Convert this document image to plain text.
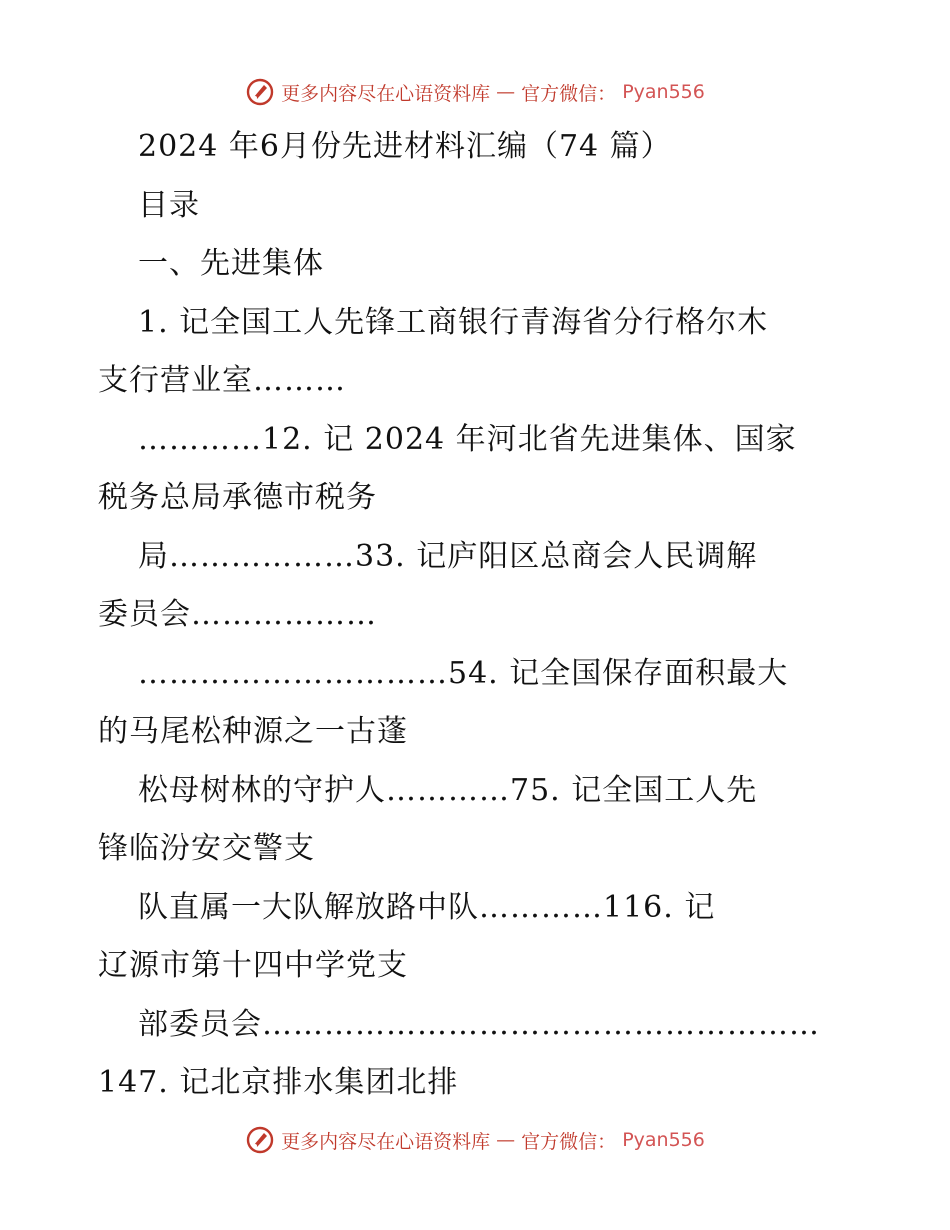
更多内容尽在心语资料库 — 官方微信： Pyan556
2024 年6月份先进材料汇编（74 篇）
目录
一、先进集体
1. 记全国工人先锋工商银行青海省分行格尔木
支行营业室………
…………12. 记 2024 年河北省先进集体、国家
税务总局承德市税务
局………………33. 记庐阳区总商会人民调解
委员会………………
…………………………54. 记全国保存面积最大
的马尾松种源之一古蓬
松母树林的守护人…………75. 记全国工人先
锋临汾安交警支
队直属一大队解放路中队…………116. 记
辽源市第十四中学党支
部委员会………………………………………………
147. 记北京排水集团北排
更多内容尽在心语资料库 — 官方微信： Pyan556
